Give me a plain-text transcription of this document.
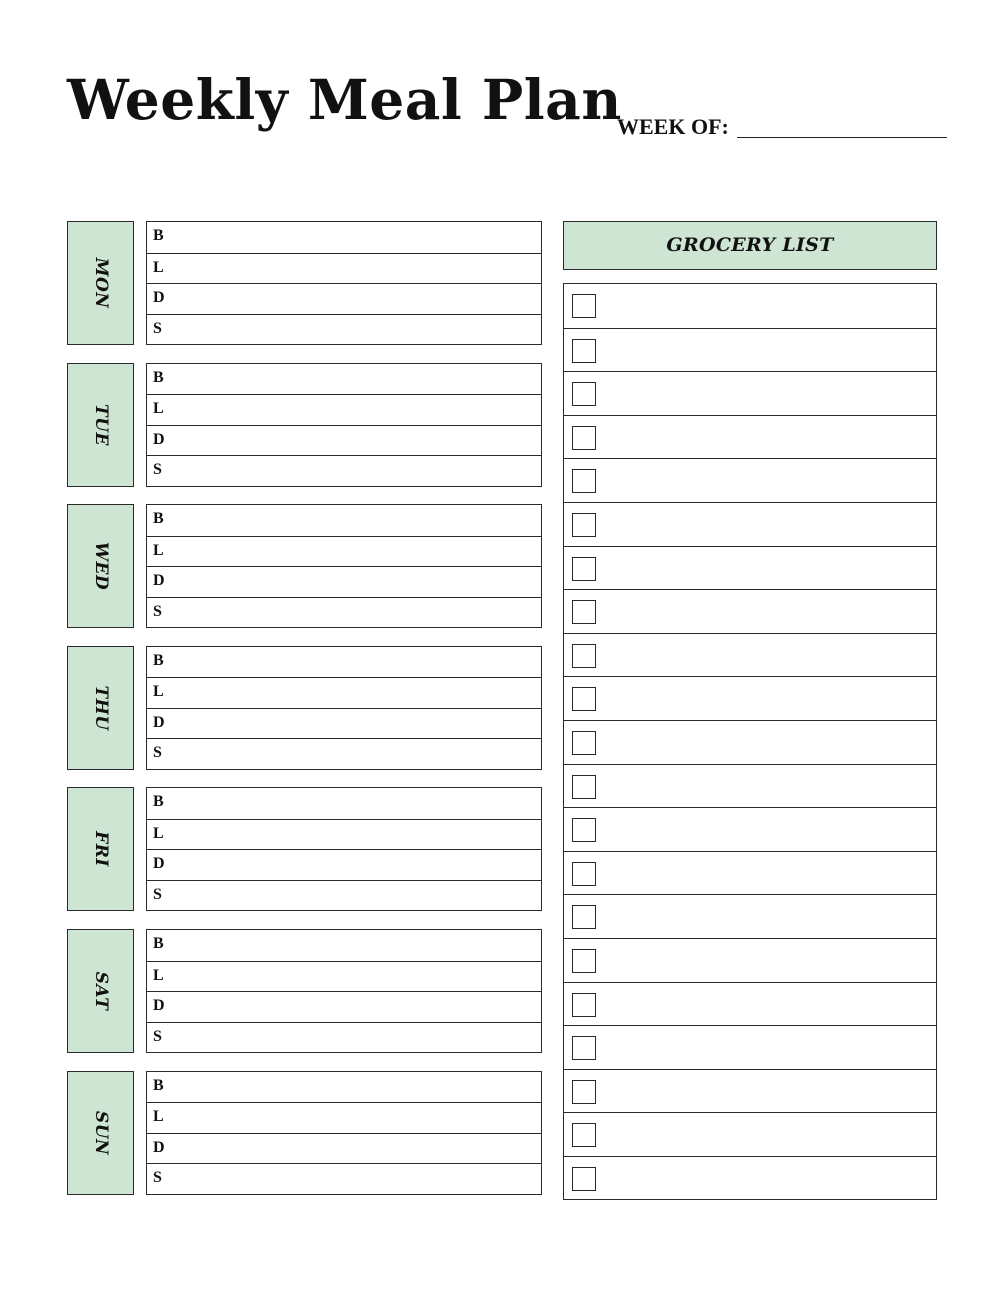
Weekly Meal Plan
WEEK OF:
MON
B
L
D
S
TUE
B
L
D
S
WED
B
L
D
S
THU
B
L
D
S
FRI
B
L
D
S
SAT
B
L
D
S
SUN
B
L
D
S
GROCERY LIST
